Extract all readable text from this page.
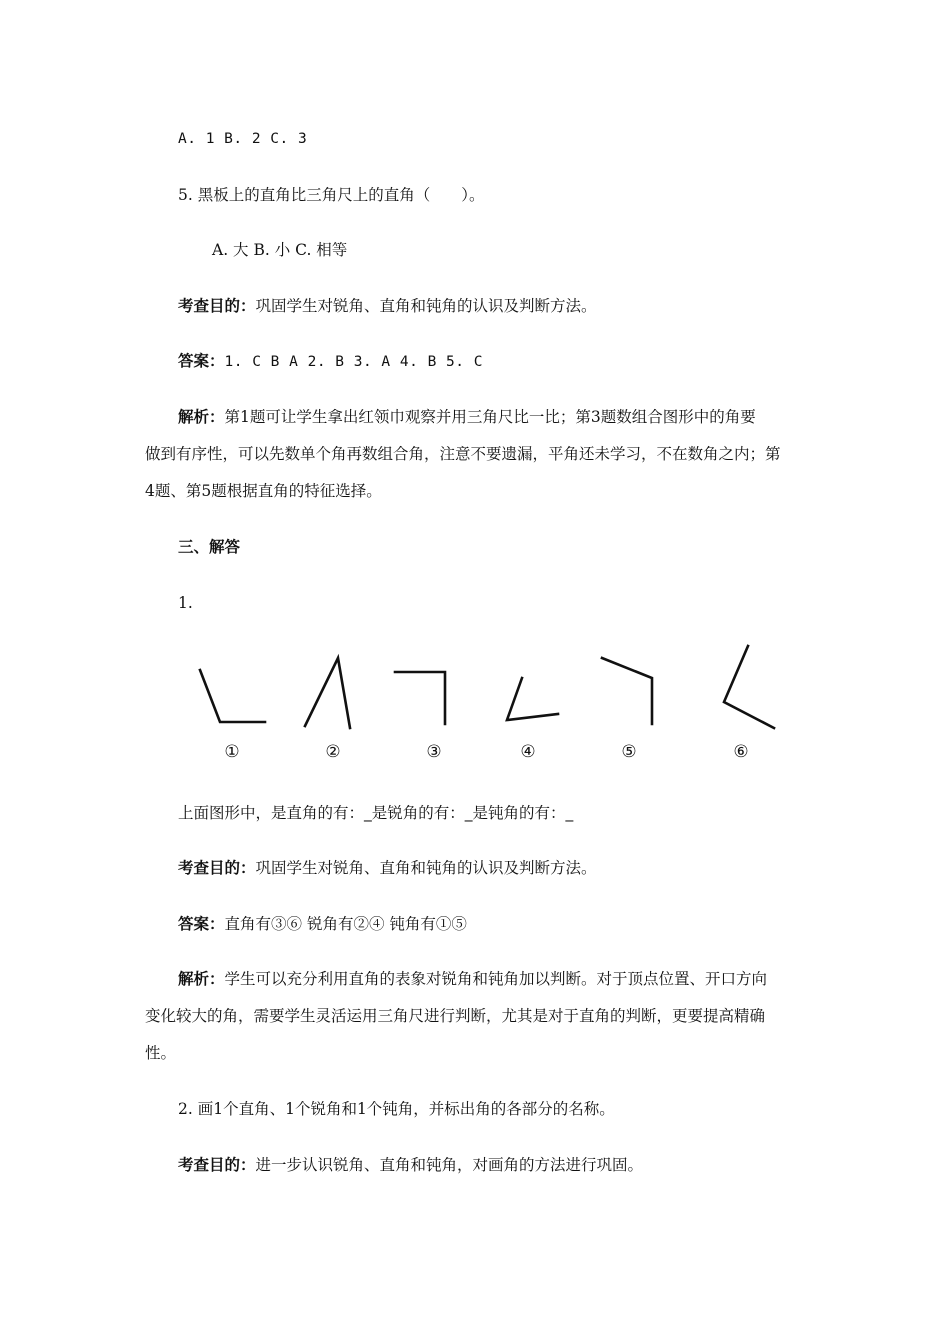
A. 1 B. 2 C. 3
5. 黑板上的直角比三角尺上的直角（　　）。
A. 大 B. 小 C. 相等
考查目的：巩固学生对锐角、直角和钝角的认识及判断方法。
答案：1. C B A 2. B 3. A 4. B 5. C
解析：第1题可让学生拿出红领巾观察并用三角尺比一比；第3题数组合图形中的角要
做到有序性，可以先数单个角再数组合角，注意不要遗漏，平角还未学习，不在数角之内；第
4题、第5题根据直角的特征选择。
三、解答
1.
①	②	③	④	⑤	⑥
上面图形中，是直角的有：_是锐角的有：_是钝角的有：_
考查目的：巩固学生对锐角、直角和钝角的认识及判断方法。
答案：直角有③⑥ 锐角有②④ 钝角有①⑤
解析：学生可以充分利用直角的表象对锐角和钝角加以判断。对于顶点位置、开口方向
变化较大的角，需要学生灵活运用三角尺进行判断，尤其是对于直角的判断，更要提高精确
性。
2. 画1个直角、1个锐角和1个钝角，并标出角的各部分的名称。
考查目的：进一步认识锐角、直角和钝角，对画角的方法进行巩固。
